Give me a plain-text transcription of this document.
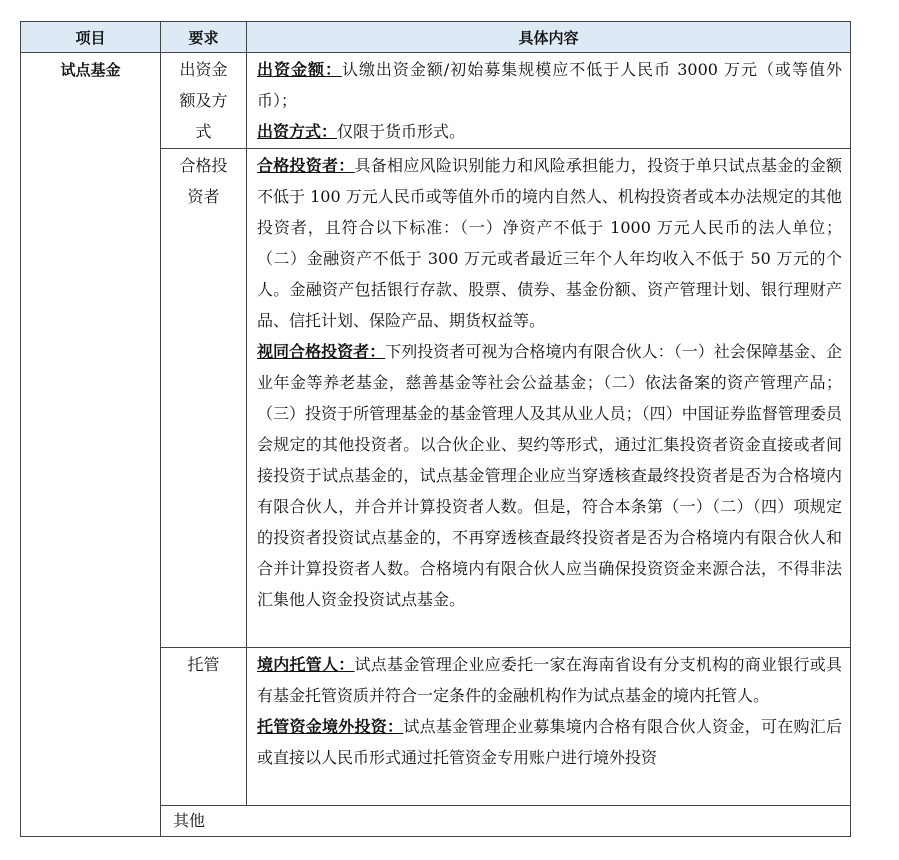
项目	要求	具体内容
试点基金	出资金额及方式	出资金额：认缴出资金额/初始募集规模应不低于人民币 3000 万元（或等值外币）；

出资方式：仅限于货币形式。

	合格投资者	合格投资者：具备相应风险识别能力和风险承担能力，投资于单只试点基金的金额不低于 100 万元人民币或等值外币的境内自然人、机构投资者或本办法规定的其他投资者，且符合以下标准：（一）净资产不低于 1000 万元人民币的法人单位；（二）金融资产不低于 300 万元或者最近三年个人年均收入不低于 50 万元的个人。金融资产包括银行存款、股票、债券、基金份额、资产管理计划、银行理财产品、信托计划、保险产品、期货权益等。

视同合格投资者：下列投资者可视为合格境内有限合伙人：（一）社会保障基金、企业年金等养老基金，慈善基金等社会公益基金；（二）依法备案的资产管理产品；（三）投资于所管理基金的基金管理人及其从业人员；（四）中国证券监督管理委员会规定的其他投资者。以合伙企业、契约等形式，通过汇集投资者资金直接或者间接投资于试点基金的，试点基金管理企业应当穿透核查最终投资者是否为合格境内有限合伙人，并合并计算投资者人数。但是，符合本条第（一）（二）（四）项规定的投资者投资试点基金的，不再穿透核查最终投资者是否为合格境内有限合伙人和合并计算投资者人数。合格境内有限合伙人应当确保投资资金来源合法，不得非法汇集他人资金投资试点基金。

	托管	境内托管人：试点基金管理企业应委托一家在海南省设有分支机构的商业银行或具有基金托管资质并符合一定条件的金融机构作为试点基金的境内托管人。

托管资金境外投资：试点基金管理企业募集境内合格有限合伙人资金，可在购汇后或直接以人民币形式通过托管资金专用账户进行境外投资

	其他	
